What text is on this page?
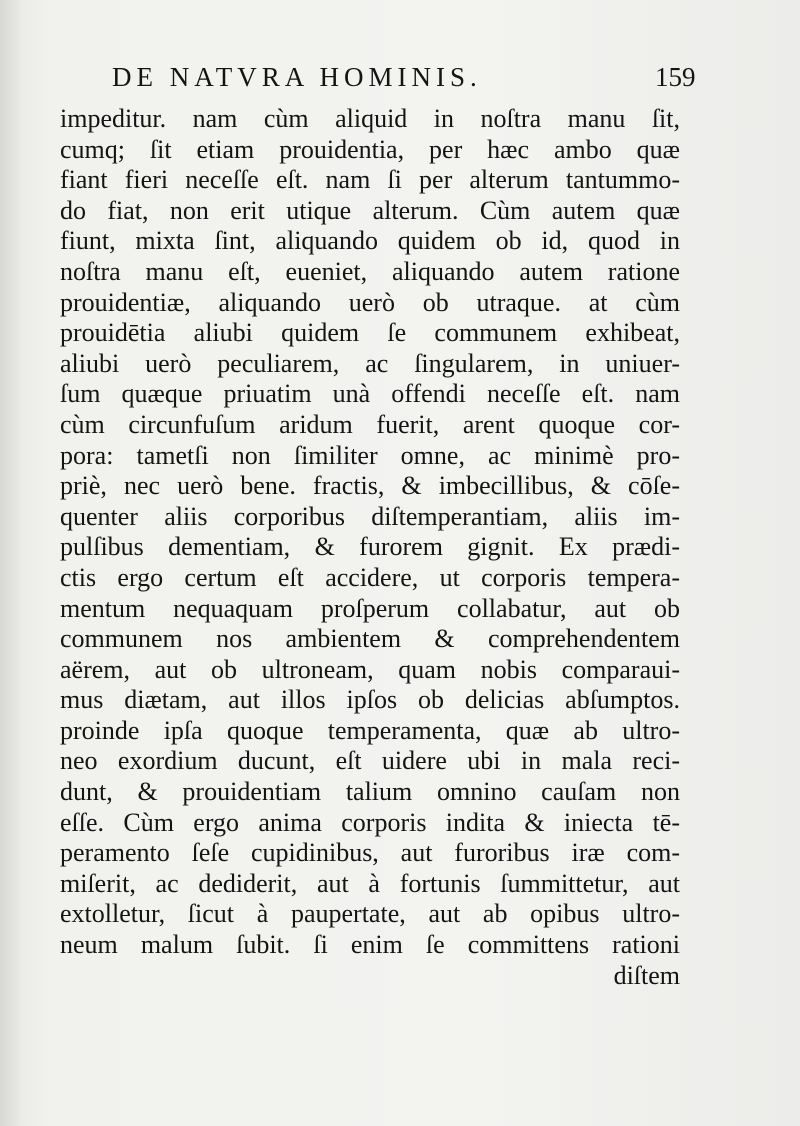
DE NATVRA HOMINIS.	159
impeditur. nam cùm aliquid in noſtra manu ſit,
cumq; ſit etiam prouidentia, per hæc ambo quæ
fiant fieri neceſſe eſt. nam ſi per alterum tantummo-
do fiat, non erit utique alterum. Cùm autem quæ
fiunt, mixta ſint, aliquando quidem ob id, quod in
noſtra manu eſt, eueniet, aliquando autem ratione
prouidentiæ, aliquando uerò ob utraque. at cùm
prouidētia aliubi quidem ſe communem exhibeat,
aliubi uerò peculiarem, ac ſingularem, in uniuer-
ſum quæque priuatim unà offendi neceſſe eſt. nam
cùm circunfuſum aridum fuerit, arent quoque cor-
pora: tametſi non ſimiliter omne, ac minimè pro-
priè, nec uerò bene. fractis, & imbecillibus, & cōſe-
quenter aliis corporibus diſtemperantiam, aliis im-
pulſibus dementiam, & furorem gignit. Ex prædi-
ctis ergo certum eſt accidere, ut corporis tempera-
mentum nequaquam proſperum collabatur, aut ob
communem nos ambientem & comprehendentem
aërem, aut ob ultroneam, quam nobis comparaui-
mus diætam, aut illos ipſos ob delicias abſumptos.
proinde ipſa quoque temperamenta, quæ ab ultro-
neo exordium ducunt, eſt uidere ubi in mala reci-
dunt, & prouidentiam talium omnino cauſam non
eſſe. Cùm ergo anima corporis indita & iniecta tē-
peramento ſeſe cupidinibus, aut furoribus iræ com-
miſerit, ac dediderit, aut à fortunis ſummittetur, aut
extolletur, ſicut à paupertate, aut ab opibus ultro-
neum malum ſubit. ſi enim ſe committens rationi
diſtem
